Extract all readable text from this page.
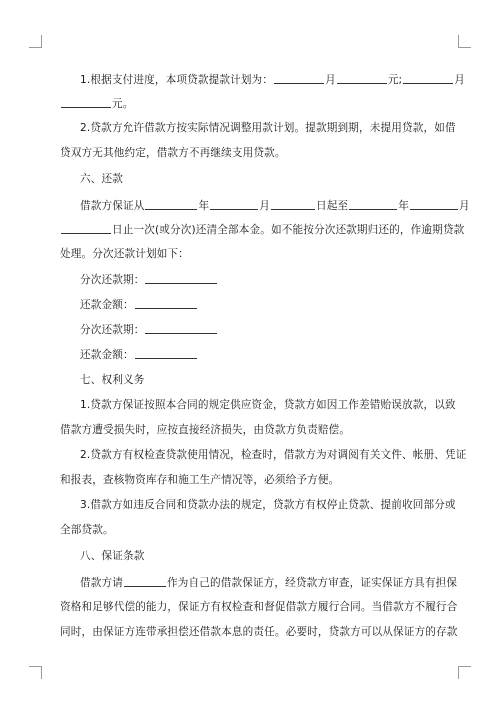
1.根据支付进度，本项贷款提款计划为：	月	元;	月
元。
2.贷款方允许借款方按实际情况调整用款计划。提款期到期，未提用贷款，如借
贷双方无其他约定，借款方不再继续支用贷款。
六、还款
借款方保证从	年	月	日起至	年	月
日止一次(或分次)还清全部本金。如不能按分次还款期归还的，作逾期贷款
处理。分次还款计划如下：
分次还款期：
还款金额：
分次还款期：
还款金额：
七、权利义务
1.贷款方保证按照本合同的规定供应资金，贷款方如因工作差错贻误放款，以致
借款方遭受损失时，应按直接经济损失，由贷款方负责赔偿。
2.贷款方有权检查贷款使用情况，检查时，借款方为对调阅有关文件、帐册、凭证
和报表，查核物资库存和施工生产情况等，必须给予方便。
3.借款方如违反合同和贷款办法的规定，贷款方有权停止贷款、提前收回部分或
全部贷款。
八、保证条款
借款方请	作为自己的借款保证方，经贷款方审查，证实保证方具有担保
资格和足够代偿的能力，保证方有权检查和督促借款方履行合同。当借款方不履行合
同时，由保证方连带承担偿还借款本息的责任。必要时，贷款方可以从保证方的存款
